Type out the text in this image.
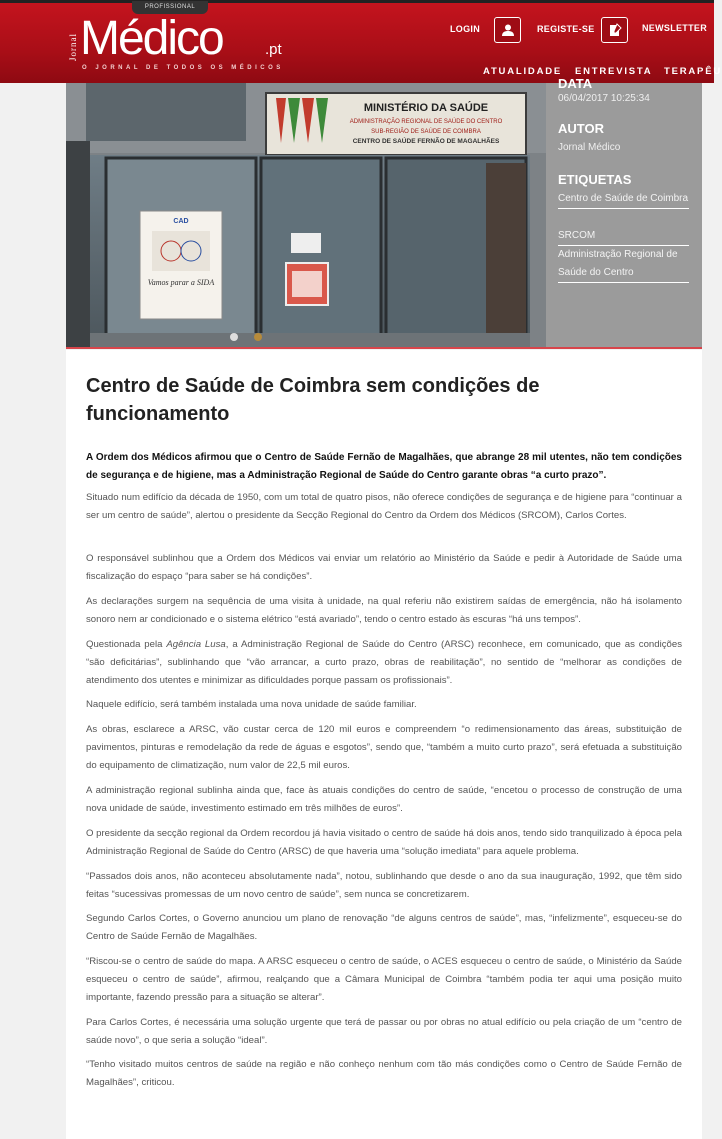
PROFISSIONAL
Jornal Médico	.pt
O JORNAL DE TODOS OS MÉDICOS
LOGIN	REGISTE-SE	NEWSLETTER
ATUALIDADE ENTREVISTA TERAPÊU
MINISTÉRIO DA SAÚDE
ADMINISTRAÇÃO REGIONAL DE SAÚDE DO CENTRO
SUB-REGIÃO DE SAÚDE DE COIMBRA
CENTRO DE SAÚDE FERNÃO DE MAGALHÃES
CAD
Vamos parar a SIDA
DATA
06/04/2017 10:25:34
AUTOR
Jornal Médico
ETIQUETAS
Centro de Saúde de Coimbra
SRCOM
Administração Regional de Saúde do Centro
Centro de Saúde de Coimbra sem condições de funcionamento

A Ordem dos Médicos afirmou que o Centro de Saúde Fernão de Magalhães, que abrange 28 mil utentes, não tem condições de segurança e de higiene, mas a Administração Regional de Saúde do Centro garante obras “a curto prazo”.

Situado num edifício da década de 1950, com um total de quatro pisos, não oferece condições de segurança e de higiene para “continuar a ser um centro de saúde”, alertou o presidente da Secção Regional do Centro da Ordem dos Médicos (SRCOM), Carlos Cortes.

O responsável sublinhou que a Ordem dos Médicos vai enviar um relatório ao Ministério da Saúde e pedir à Autoridade de Saúde uma fiscalização do espaço “para saber se há condições”.

As declarações surgem na sequência de uma visita à unidade, na qual referiu não existirem saídas de emergência, não há isolamento sonoro nem ar condicionado e o sistema elétrico “está avariado”, tendo o centro estado às escuras “há uns tempos”.

Questionada pela Agência Lusa, a Administração Regional de Saúde do Centro (ARSC) reconhece, em comunicado, que as condições “são deficitárias”, sublinhando que “vão arrancar, a curto prazo, obras de reabilitação”, no sentido de “melhorar as condições de atendimento dos utentes e minimizar as dificuldades porque passam os profissionais”.

Naquele edifício, será também instalada uma nova unidade de saúde familiar.

As obras, esclarece a ARSC, vão custar cerca de 120 mil euros e compreendem “o redimensionamento das áreas, substituição de pavimentos, pinturas e remodelação da rede de águas e esgotos”, sendo que, “também a muito curto prazo”, será efetuada a substituição do equipamento de climatização, num valor de 22,5 mil euros.

A administração regional sublinha ainda que, face às atuais condições do centro de saúde, “encetou o processo de construção de uma nova unidade de saúde, investimento estimado em três milhões de euros”.

O presidente da secção regional da Ordem recordou já havia visitado o centro de saúde há dois anos, tendo sido tranquilizado à época pela Administração Regional de Saúde do Centro (ARSC) de que haveria uma “solução imediata” para aquele problema.

“Passados dois anos, não aconteceu absolutamente nada”, notou, sublinhando que desde o ano da sua inauguração, 1992, que têm sido feitas “sucessivas promessas de um novo centro de saúde”, sem nunca se concretizarem.

Segundo Carlos Cortes, o Governo anunciou um plano de renovação “de alguns centros de saúde”, mas, “infelizmente”, esqueceu-se do Centro de Saúde Fernão de Magalhães.

“Riscou-se o centro de saúde do mapa. A ARSC esqueceu o centro de saúde, o ACES esqueceu o centro de saúde, o Ministério da Saúde esqueceu o centro de saúde”, afirmou, realçando que a Câmara Municipal de Coimbra “também podia ter aqui uma posição muito importante, fazendo pressão para a situação se alterar”.

Para Carlos Cortes, é necessária uma solução urgente que terá de passar ou por obras no atual edifício ou pela criação de um “centro de saúde novo”, o que seria a solução “ideal”.

“Tenho visitado muitos centros de saúde na região e não conheço nenhum com tão más condições como o Centro de Saúde Fernão de Magalhães”, criticou.
